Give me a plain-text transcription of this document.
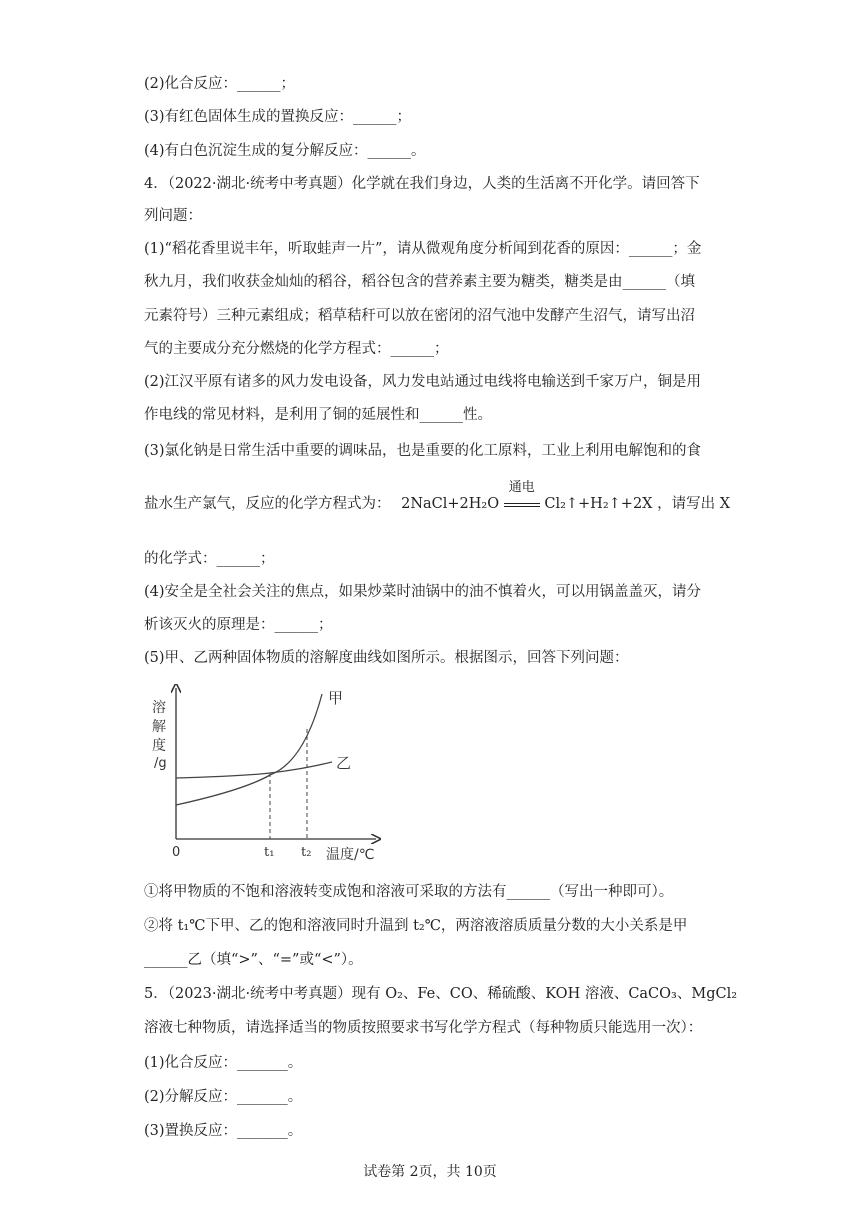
(2)化合反应：______；
(3)有红色固体生成的置换反应：______；
(4)有白色沉淀生成的复分解反应：______。
4．（2022·湖北·统考中考真题）化学就在我们身边，人类的生活离不开化学。请回答下
列问题：
(1)“稻花香里说丰年，听取蛙声一片”，请从微观角度分析闻到花香的原因：______；金
秋九月，我们收获金灿灿的稻谷，稻谷包含的营养素主要为糖类，糖类是由______（填
元素符号）三种元素组成；稻草秸秆可以放在密闭的沼气池中发酵产生沼气，请写出沼
气的主要成分充分燃烧的化学方程式：______；
(2)江汉平原有诸多的风力发电设备，风力发电站通过电线将电输送到千家万户，铜是用
作电线的常见材料，是利用了铜的延展性和______性。
(3)氯化钠是日常生活中重要的调味品，也是重要的化工原料，工业上利用电解饱和的食
盐水生产氯气，反应的化学方程式为： 2NaCl+2H₂O
通电
Cl₂↑+H₂↑+2X ，请写出 X
的化学式：______；
(4)安全是全社会关注的焦点，如果炒菜时油锅中的油不慎着火，可以用锅盖盖灭，请分
析该灭火的原理是：______；
(5)甲、乙两种固体物质的溶解度曲线如图所示。根据图示，回答下列问题：
溶
解
度
/g
甲
乙
0	t₁ t₂ 温度/℃
①将甲物质的不饱和溶液转变成饱和溶液可采取的方法有______（写出一种即可）。
②将 t₁℃下甲、乙的饱和溶液同时升温到 t₂℃，两溶液溶质质量分数的大小关系是甲
______乙（填“>”、“=”或“<”）。
5．（2023·湖北·统考中考真题）现有 O₂、Fe、CO、稀硫酸、KOH 溶液、CaCO₃、MgCl₂
溶液七种物质，请选择适当的物质按照要求书写化学方程式（每种物质只能选用一次）：
(1)化合反应：_______。
(2)分解反应：_______。
(3)置换反应：_______。
试卷第 2页，共 10页
